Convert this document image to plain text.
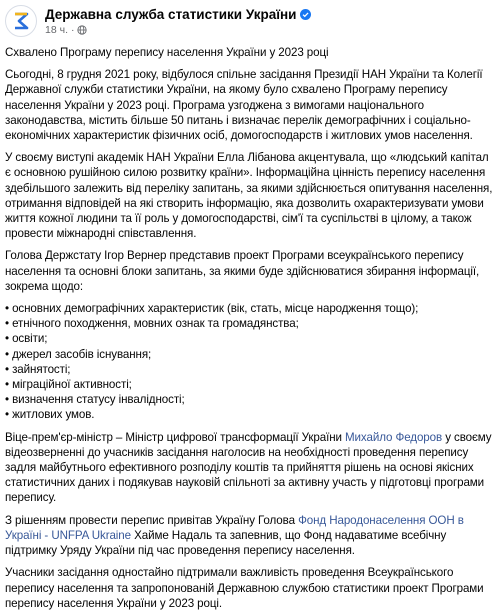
Державна служба статистики України
18 ч. ·

Схвалено Програму перепису населення України у 2023 році

Сьогодні, 8 грудня 2021 року, відбулося спільне засідання Президії НАН України та Колегії Державної служби статистики України, на якому було схвалено Програму перепису населення України у 2023 році. Програма узгоджена з вимогами національного законодавства, містить більше 50 питань і визначає перелік демографічних і соціально-економічних характеристик фізичних осіб, домогосподарств і житлових умов населення.

У своєму виступі академік НАН України Елла Лібанова акцентувала, що «людський капітал є основною рушійною силою розвитку країни». Інформаційна цінність перепису населення здебільшого залежить від переліку запитань, за якими здійснюється опитування населення, отримання відповідей на які створить інформацію, яка дозволить охарактеризувати умови життя кожної людини та її роль у домогосподарстві, сім'ї та суспільстві в цілому, а також провести міжнародні співставлення.

Голова Держстату Ігор Вернер представив проект Програми всеукраїнського перепису населення та основні блоки запитань, за якими буде здійснюватися збирання інформації, зокрема щодо:

• основних демографічних характеристик (вік, стать, місце народження тощо);
• етнічного походження, мовних ознак та громадянства;
• освіти;
• джерел засобів існування;
• зайнятості;
• міграційної активності;
• визначення статусу інвалідності;
• житлових умов.

Віце-прем'єр-міністр – Міністр цифрової трансформації України Михайло Федоров у своєму відеозверненні до учасників засідання наголосив на необхідності проведення перепису задля майбутнього ефективного розподілу коштів та прийняття рішень на основі якісних статистичних даних і подякував науковій спільноті за активну участь у підготовці програми перепису.

З рішенням провести перепис привітав Україну Голова Фонд Народонаселення ООН в Україні - UNFPA Ukraine Хайме Надаль та запевнив, що Фонд надаватиме всебічну підтримку Уряду України під час проведення перепису населення.

Учасники засідання одностайно підтримали важливість проведення Всеукраїнського перепису населення та запропонованій Державною службою статистики проект Програми перепису населення України у 2023 році.
